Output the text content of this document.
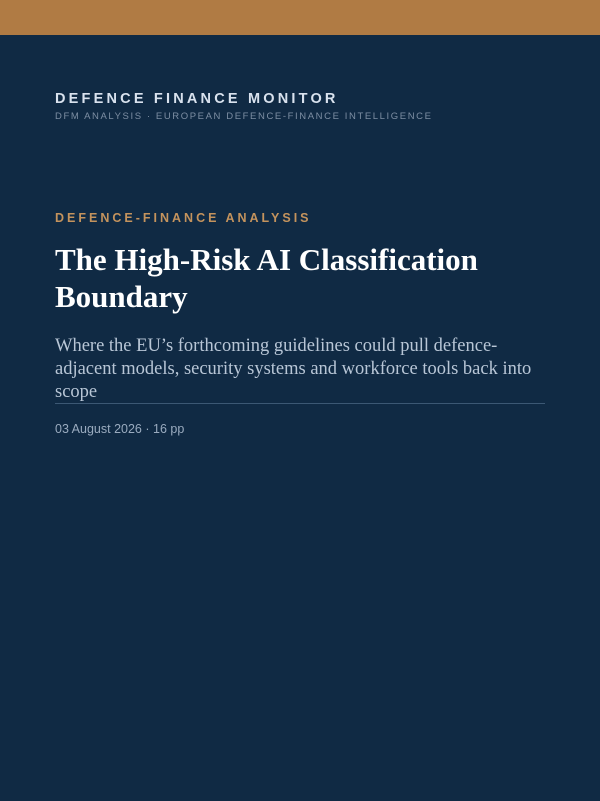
DEFENCE FINANCE MONITOR
DFM ANALYSIS · EUROPEAN DEFENCE-FINANCE INTELLIGENCE
DEFENCE-FINANCE ANALYSIS
The High-Risk AI Classification Boundary
Where the EU’s forthcoming guidelines could pull defence-adjacent models, security systems and workforce tools back into scope
03 August 2026 · 16 pp
